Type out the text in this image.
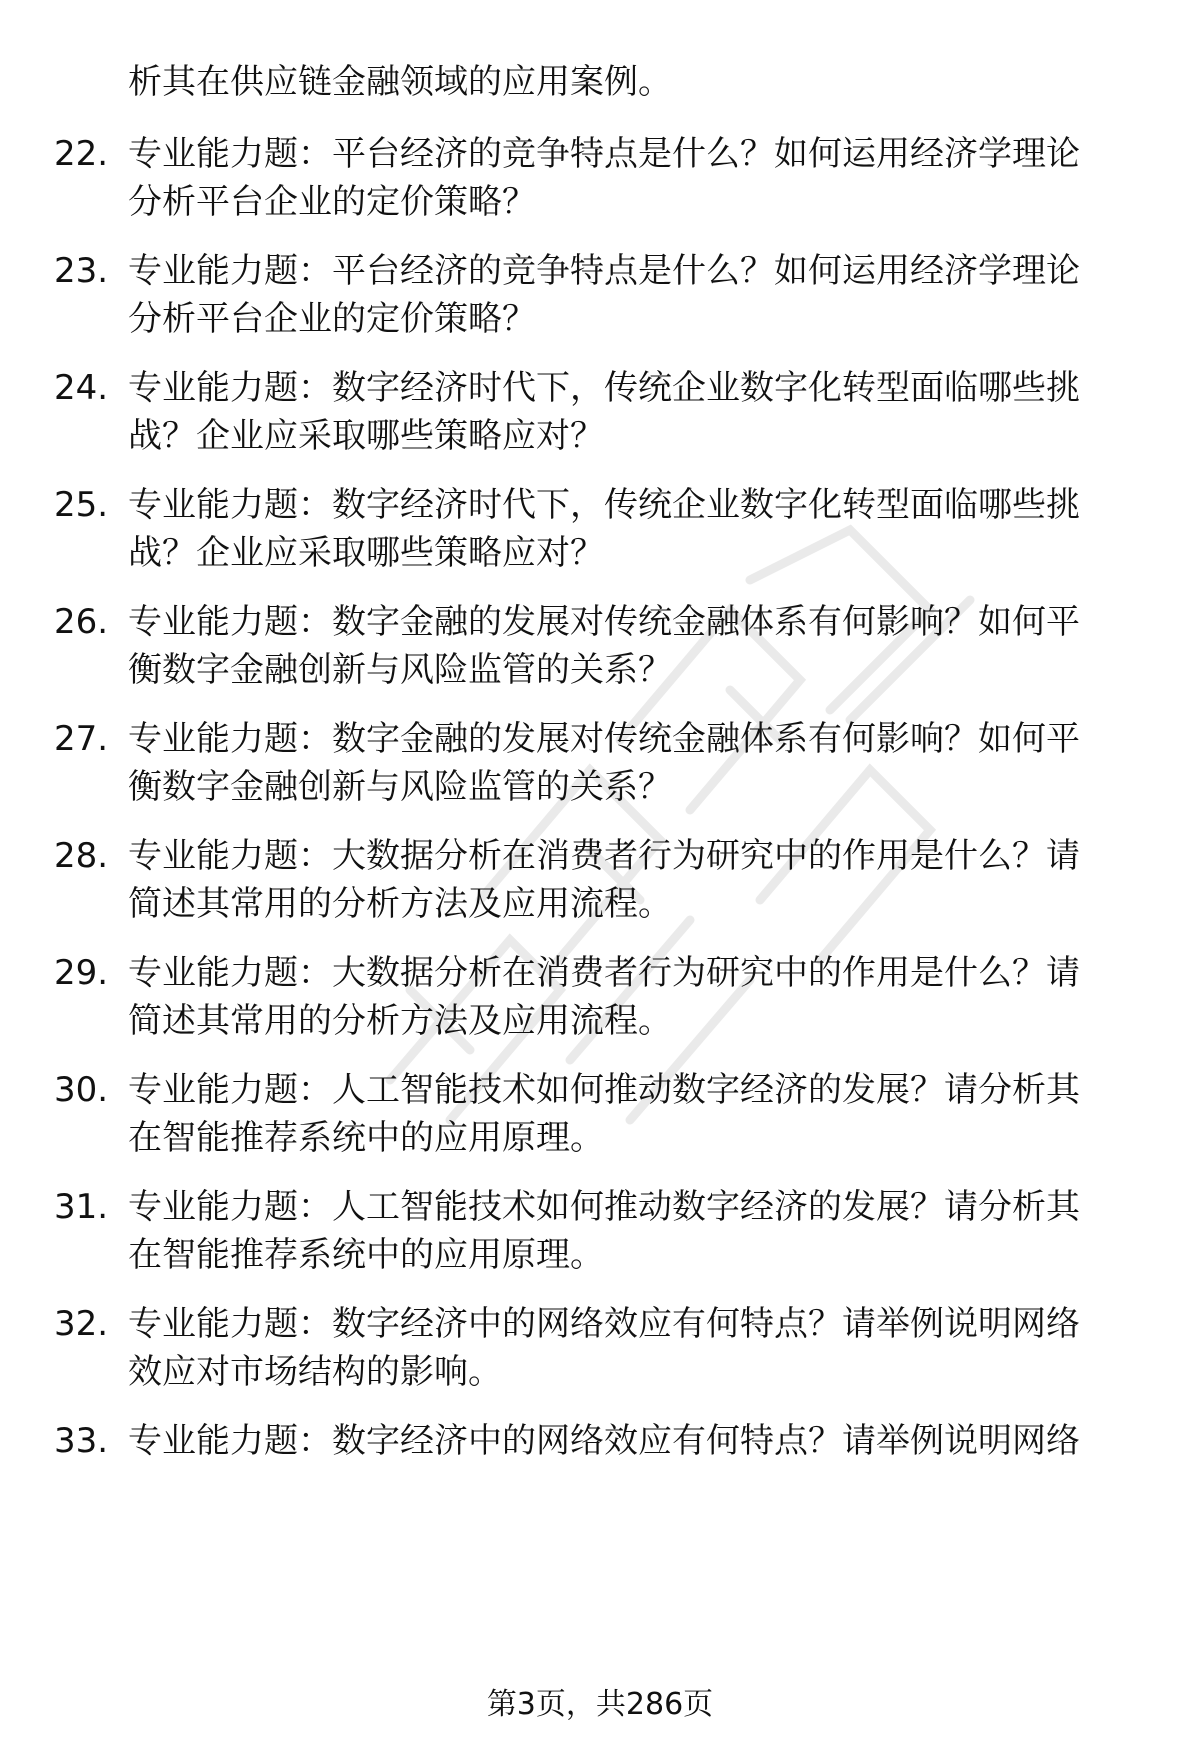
析其在供应链金融领域的应用案例。
22. 专业能力题：平台经济的竞争特点是什么？如何运用经济学理论
分析平台企业的定价策略？
23. 专业能力题：平台经济的竞争特点是什么？如何运用经济学理论
分析平台企业的定价策略？
24. 专业能力题：数字经济时代下，传统企业数字化转型面临哪些挑
战？企业应采取哪些策略应对？
25. 专业能力题：数字经济时代下，传统企业数字化转型面临哪些挑
战？企业应采取哪些策略应对？
26. 专业能力题：数字金融的发展对传统金融体系有何影响？如何平
衡数字金融创新与风险监管的关系？
27. 专业能力题：数字金融的发展对传统金融体系有何影响？如何平
衡数字金融创新与风险监管的关系？
28. 专业能力题：大数据分析在消费者行为研究中的作用是什么？请
简述其常用的分析方法及应用流程。
29. 专业能力题：大数据分析在消费者行为研究中的作用是什么？请
简述其常用的分析方法及应用流程。
30. 专业能力题：人工智能技术如何推动数字经济的发展？请分析其
在智能推荐系统中的应用原理。
31. 专业能力题：人工智能技术如何推动数字经济的发展？请分析其
在智能推荐系统中的应用原理。
32. 专业能力题：数字经济中的网络效应有何特点？请举例说明网络
效应对市场结构的影响。
33. 专业能力题：数字经济中的网络效应有何特点？请举例说明网络
第3页，共286页
